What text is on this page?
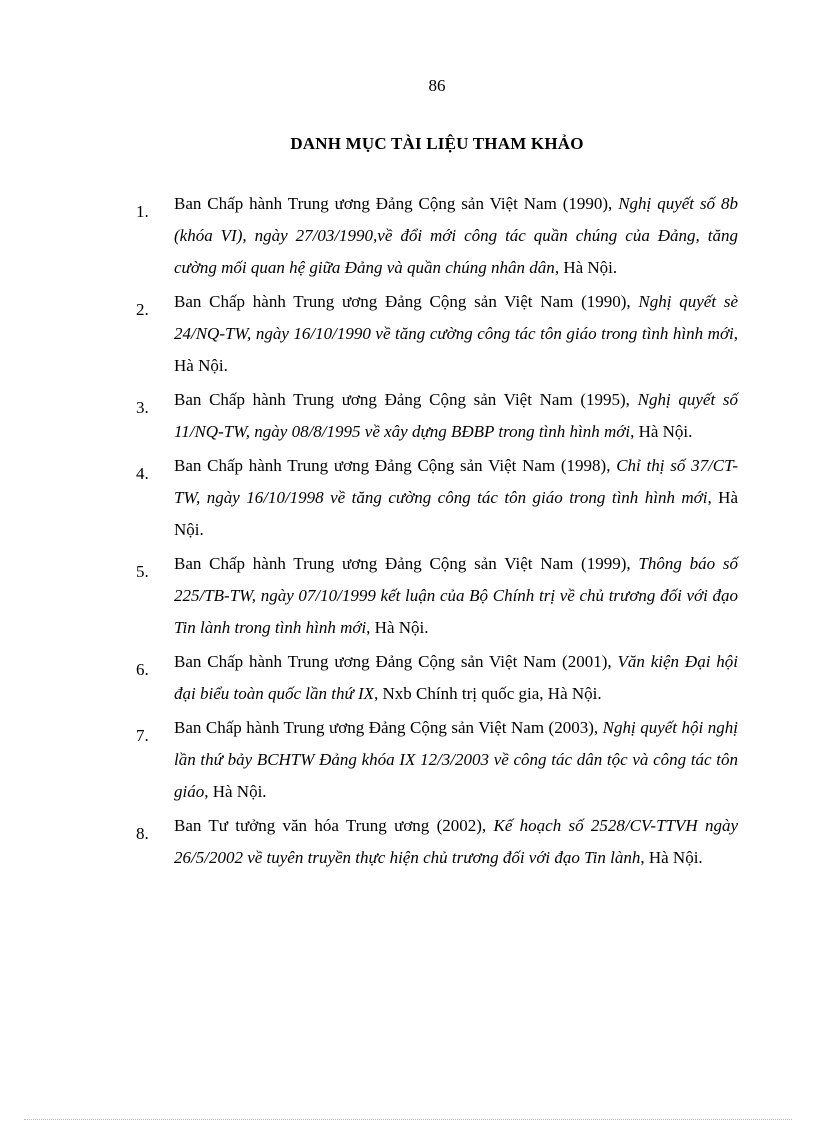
86
DANH MỤC TÀI LIỆU THAM KHẢO
1. Ban Chấp hành Trung ương Đảng Cộng sản Việt Nam (1990), Nghị quyết số 8b (khóa VI), ngày 27/03/1990,về đổi mới công tác quần chúng của Đảng, tăng cường mối quan hệ giữa Đảng và quần chúng nhân dân, Hà Nội.
2. Ban Chấp hành Trung ương Đảng Cộng sản Việt Nam (1990), Nghị quyết sè 24/NQ-TW, ngày 16/10/1990 về tăng cường công tác tôn giáo trong tình hình mới, Hà Nội.
3. Ban Chấp hành Trung ương Đảng Cộng sản Việt Nam (1995), Nghị quyết số 11/NQ-TW, ngày 08/8/1995 về xây dựng BĐBP trong tình hình mới, Hà Nội.
4. Ban Chấp hành Trung ương Đảng Cộng sản Việt Nam (1998), Chỉ thị số 37/CT-TW, ngày 16/10/1998 về tăng cường công tác tôn giáo trong tình hình mới, Hà Nội.
5. Ban Chấp hành Trung ương Đảng Cộng sản Việt Nam (1999), Thông báo số 225/TB-TW, ngày 07/10/1999 kết luận của Bộ Chính trị về chủ trương đối với đạo Tin lành trong tình hình mới, Hà Nội.
6. Ban Chấp hành Trung ương Đảng Cộng sản Việt Nam (2001), Văn kiện Đại hội đại biểu toàn quốc lần thứ IX, Nxb Chính trị quốc gia, Hà Nội.
7. Ban Chấp hành Trung ương Đảng Cộng sản Việt Nam (2003), Nghị quyết hội nghị lần thứ bảy BCHTW Đảng khóa IX 12/3/2003 về công tác dân tộc và công tác tôn giáo, Hà Nội.
8. Ban Tư tưởng văn hóa Trung ương (2002), Kế hoạch số 2528/CV-TTVH ngày 26/5/2002 về tuyên truyền thực hiện chủ trương đối với đạo Tin lành, Hà Nội.
